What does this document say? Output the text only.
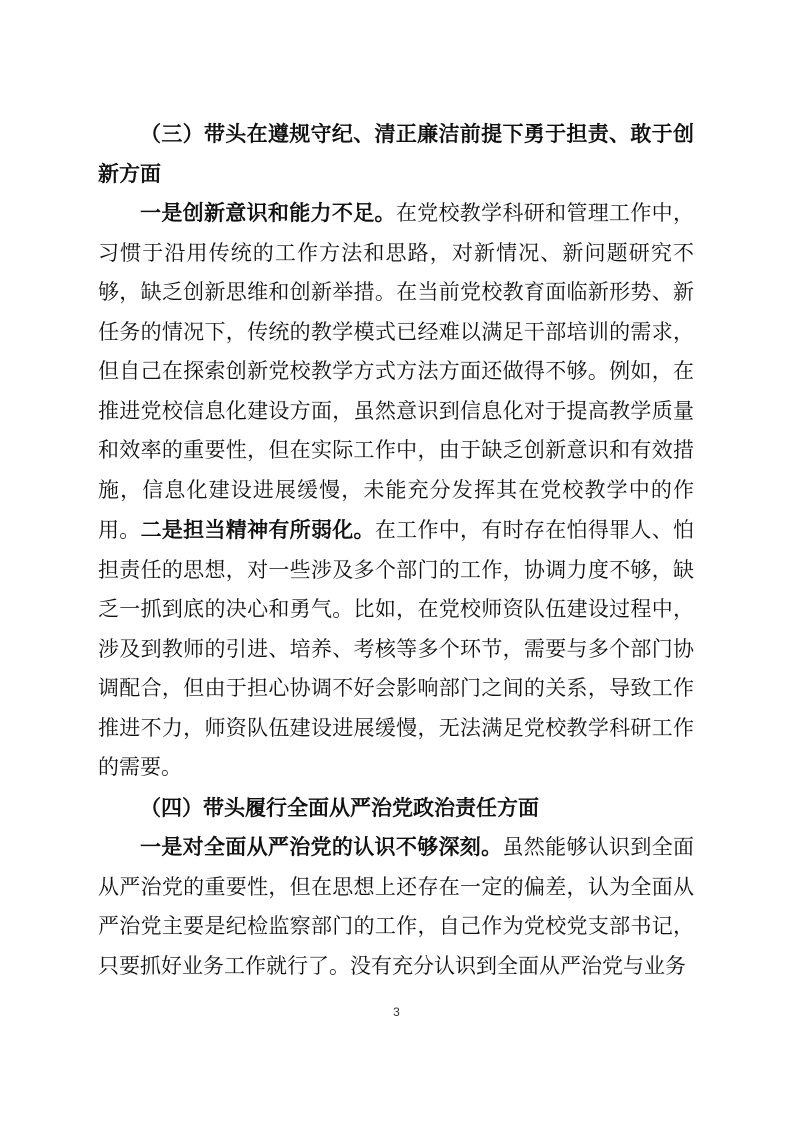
（三）带头在遵规守纪、清正廉洁前提下勇于担责、敢于创新方面

一是创新意识和能力不足。在党校教学科研和管理工作中，习惯于沿用传统的工作方法和思路，对新情况、新问题研究不够，缺乏创新思维和创新举措。在当前党校教育面临新形势、新任务的情况下，传统的教学模式已经难以满足干部培训的需求，但自己在探索创新党校教学方式方法方面还做得不够。例如，在推进党校信息化建设方面，虽然意识到信息化对于提高教学质量和效率的重要性，但在实际工作中，由于缺乏创新意识和有效措施，信息化建设进展缓慢，未能充分发挥其在党校教学中的作用。二是担当精神有所弱化。在工作中，有时存在怕得罪人、怕担责任的思想，对一些涉及多个部门的工作，协调力度不够，缺乏一抓到底的决心和勇气。比如，在党校师资队伍建设过程中，涉及到教师的引进、培养、考核等多个环节，需要与多个部门协调配合，但由于担心协调不好会影响部门之间的关系，导致工作推进不力，师资队伍建设进展缓慢，无法满足党校教学科研工作的需要。

（四）带头履行全面从严治党政治责任方面

一是对全面从严治党的认识不够深刻。虽然能够认识到全面从严治党的重要性，但在思想上还存在一定的偏差，认为全面从严治党主要是纪检监察部门的工作，自己作为党校党支部书记，只要抓好业务工作就行了。没有充分认识到全面从严治党与业务

3
